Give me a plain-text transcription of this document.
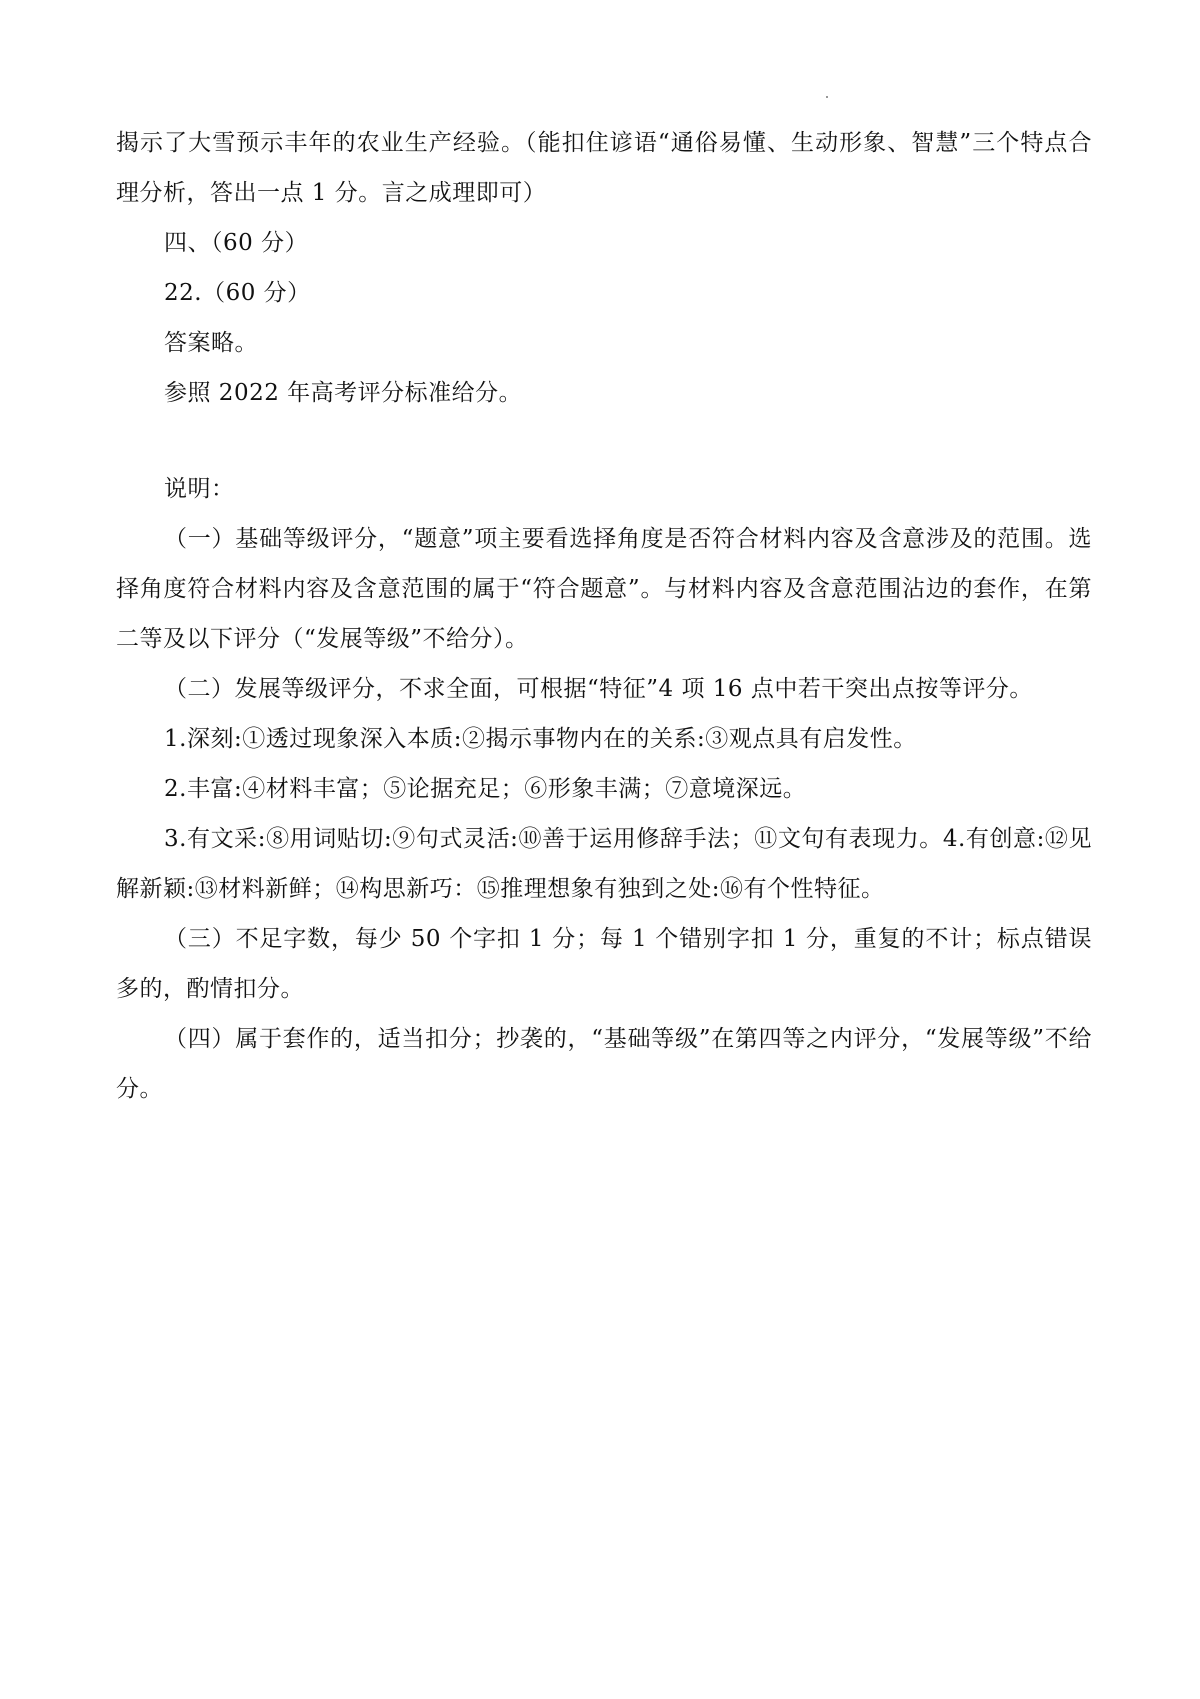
揭示了大雪预示丰年的农业生产经验。（能扣住谚语“通俗易懂、生动形象、智慧”三个特点合理分析，答出一点 1 分。言之成理即可）

四、（60 分）

22.（60 分）

答案略。

参照 2022 年高考评分标准给分。

说明：

（一）基础等级评分，“题意”项主要看选择角度是否符合材料内容及含意涉及的范围。选择角度符合材料内容及含意范围的属于“符合题意”。与材料内容及含意范围沾边的套作，在第二等及以下评分（“发展等级”不给分）。

（二）发展等级评分，不求全面，可根据“特征”4 项 16 点中若干突出点按等评分。

1.深刻:①透过现象深入本质:②揭示事物内在的关系:③观点具有启发性。

2.丰富:④材料丰富；⑤论据充足；⑥形象丰满；⑦意境深远。

3.有文采:⑧用词贴切:⑨句式灵活:⑩善于运用修辞手法；⑪文句有表现力。4.有创意:⑫见解新颖:⑬材料新鲜；⑭构思新巧：⑮推理想象有独到之处:⑯有个性特征。

（三）不足字数，每少 50 个字扣 1 分；每 1 个错别字扣 1 分，重复的不计；标点错误多的，酌情扣分。

（四）属于套作的，适当扣分；抄袭的，“基础等级”在第四等之内评分，“发展等级”不给分。
